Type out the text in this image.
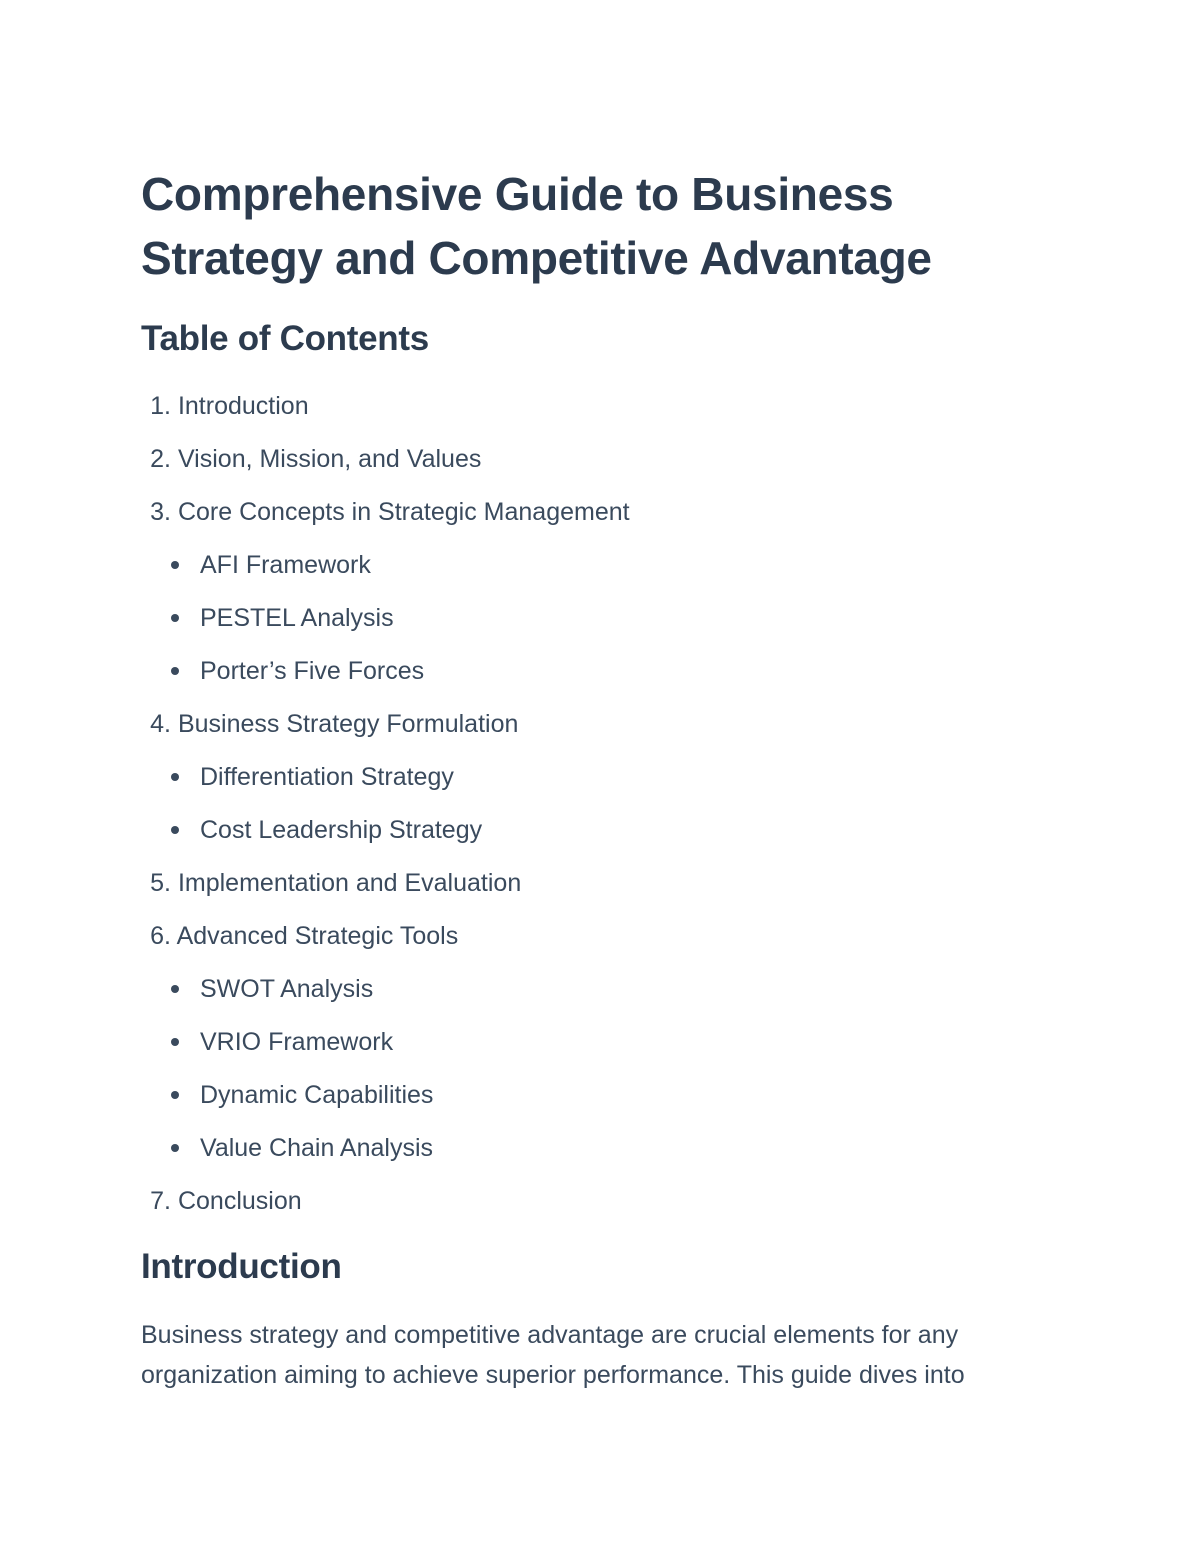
Comprehensive Guide to Business
Strategy and Competitive Advantage
Table of Contents
1. Introduction
2. Vision, Mission, and Values
3. Core Concepts in Strategic Management
AFI Framework
PESTEL Analysis
Porter’s Five Forces
4. Business Strategy Formulation
Differentiation Strategy
Cost Leadership Strategy
5. Implementation and Evaluation
6. Advanced Strategic Tools
SWOT Analysis
VRIO Framework
Dynamic Capabilities
Value Chain Analysis
7. Conclusion
Introduction

Business strategy and competitive advantage are crucial elements for any
organization aiming to achieve superior performance. This guide dives into
